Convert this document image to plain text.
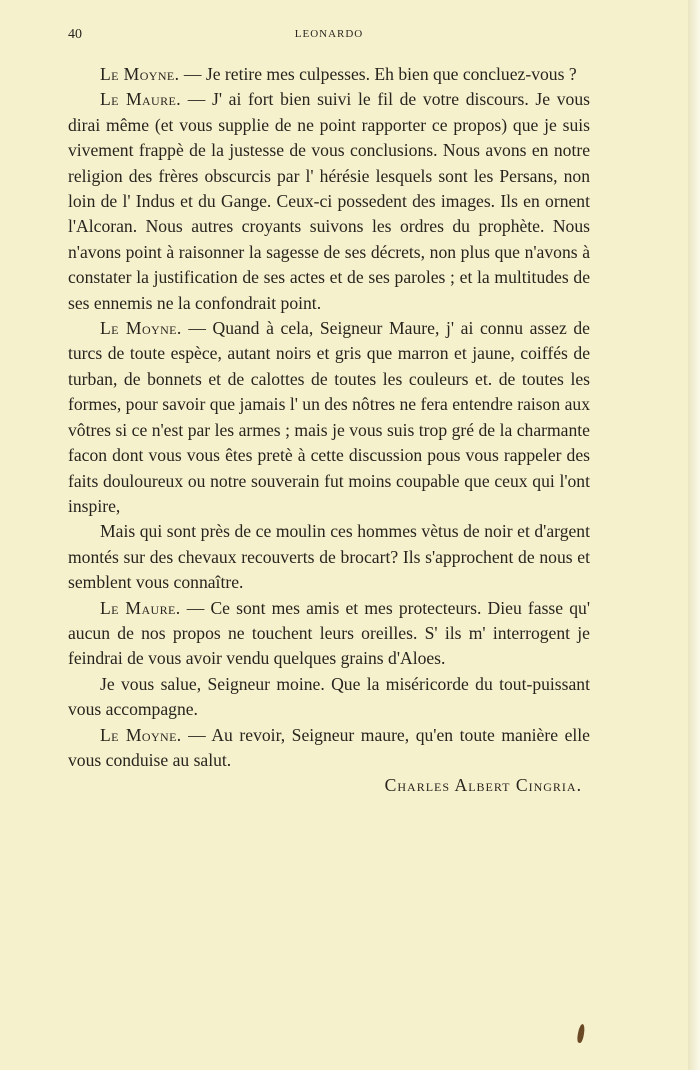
40	LEONARDO

Le Moyne. — Je retire mes culpesses. Eh bien que concluez-vous ?

Le Maure. — J' ai fort bien suivi le fil de votre discours. Je vous dirai même (et vous supplie de ne point rapporter ce propos) que je suis vivement frappè de la justesse de vous conclusions. Nous avons en notre religion des frères obscurcis par l' hérésie lesquels sont les Persans, non loin de l' Indus et du Gange. Ceux-ci possedent des images. Ils en ornent l'Alcoran. Nous autres croyants suivons les ordres du prophète. Nous n'avons point à raisonner la sagesse de ses décrets, non plus que n'avons à constater la justification de ses actes et de ses paroles ; et la multitudes de ses ennemis ne la confondrait point.

Le Moyne. — Quand à cela, Seigneur Maure, j' ai connu assez de turcs de toute espèce, autant noirs et gris que marron et jaune, coiffés de turban, de bonnets et de calottes de toutes les couleurs et. de toutes les formes, pour savoir que jamais l' un des nôtres ne fera entendre raison aux vôtres si ce n'est par les armes ; mais je vous suis trop gré de la charmante facon dont vous vous êtes pretè à cette discussion pous vous rappeler des faits douloureux ou notre souverain fut moins coupable que ceux qui l'ont inspire,

Mais qui sont près de ce moulin ces hommes vètus de noir et d'argent montés sur des chevaux recouverts de brocart? Ils s'approchent de nous et semblent vous connaître.

Le Maure. — Ce sont mes amis et mes protecteurs. Dieu fasse qu' aucun de nos propos ne touchent leurs oreilles. S' ils m' interrogent je feindrai de vous avoir vendu quelques grains d'Aloes.

Je vous salue, Seigneur moine. Que la miséricorde du tout-puissant vous accompagne.

Le Moyne. — Au revoir, Seigneur maure, qu'en toute manière elle vous conduise au salut.

Charles Albert Cingria.
